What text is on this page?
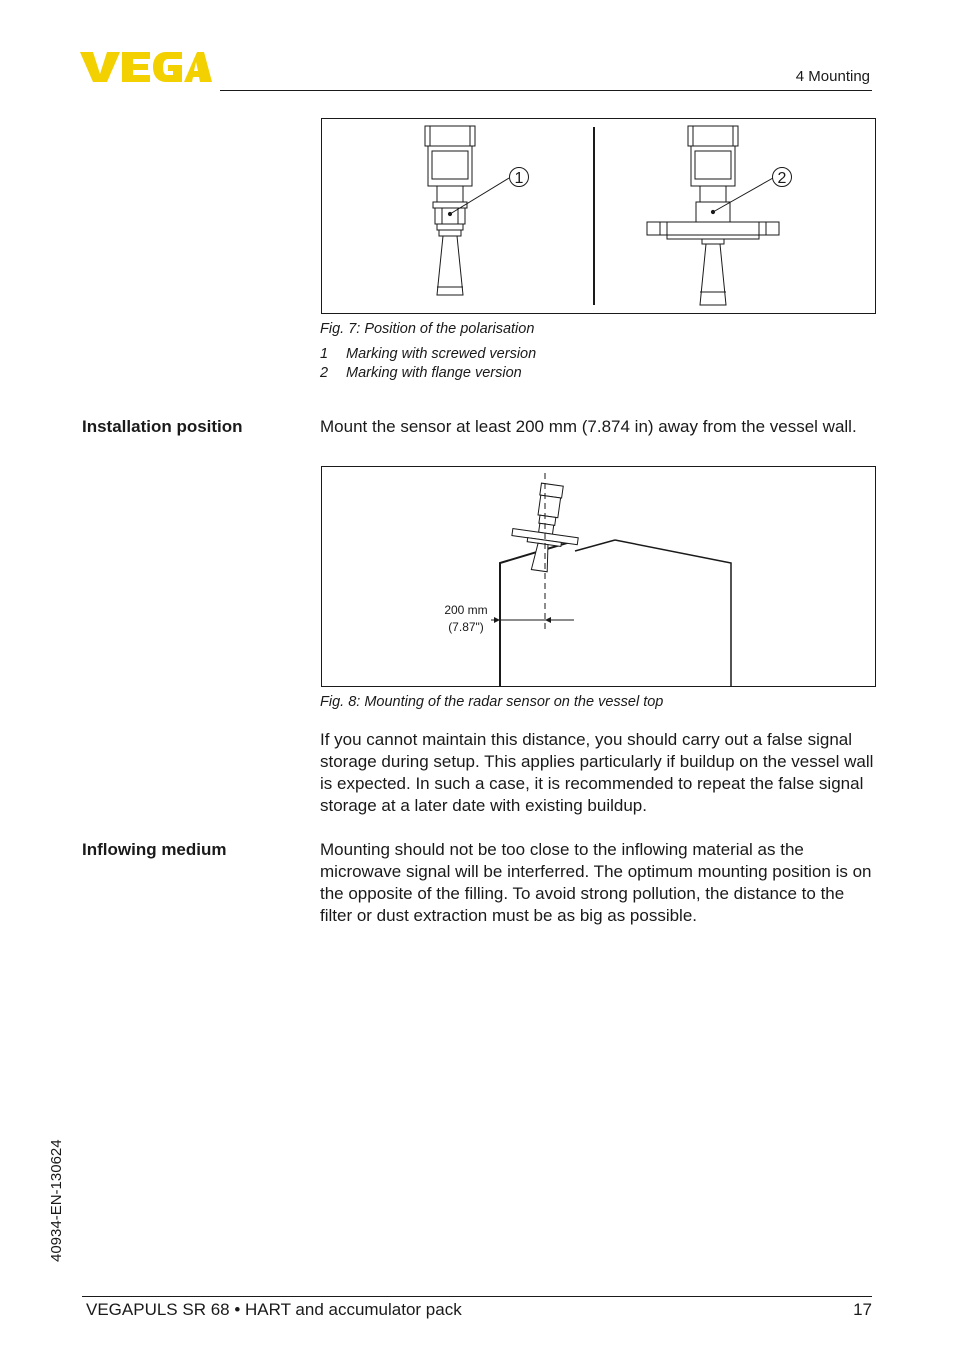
4 Mounting
1	2
Fig. 7: Position of the polarisation
1 Marking with screwed version
2 Marking with flange version
Installation position	Mount the sensor at least 200 mm (7.874 in) away from the vessel wall.
200 mm
(7.87")
Fig. 8: Mounting of the radar sensor on the vessel top
If you cannot maintain this distance, you should carry out a false signal storage during setup. This applies particularly if buildup on the vessel wall is expected. In such a case, it is recommended to repeat the false signal storage at a later date with existing buildup.
Inflowing medium	Mounting should not be too close to the inflowing material as the microwave signal will be interferred. The optimum mounting position is on the opposite of the filling. To avoid strong pollution, the distance to the filter or dust extraction must be as big as possible.
40934-EN-130624
VEGAPULS SR 68 • HART and accumulator pack	17
